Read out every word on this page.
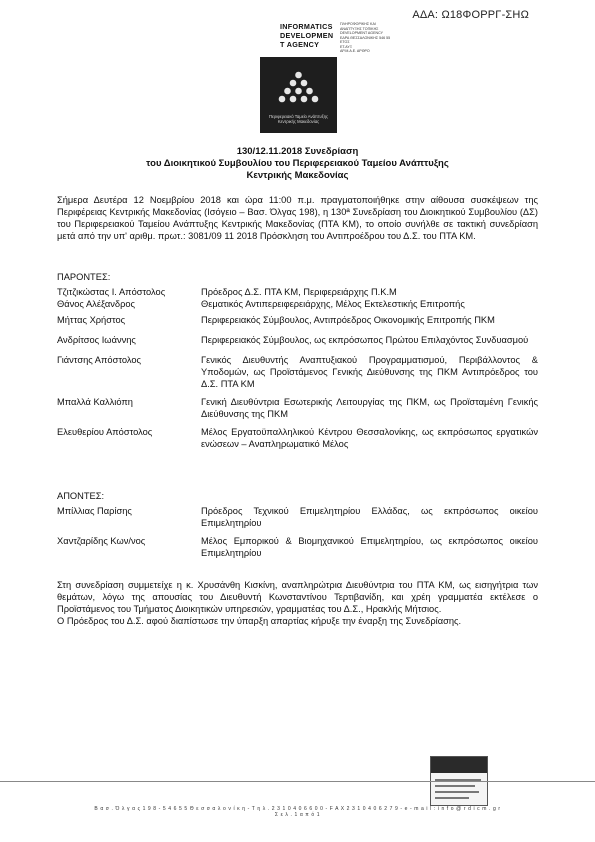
ΑΔΑ: Ω18ΦΟΡΡΓ-ΣΗΩ
INFORMATICS
DEVELOPMEN
T AGENCY
ΠΛΗΡΟΦΟΡΙΚΗΣ ΚΑΙ
ΑΝΑΠΤΥΞΗΣ ΤΟΠΙΚΗΣ
DEVELOPMENT AGENCY
ΕΔΡΑ ΘΕΣΣΑΛΟΝΙΚΗΣ 546 55
ΕΤΟΣ
ΕΤ.ΑΥΞ
ΑΡ.Μ.Α.Ε. ΑΡΘΡΟ
Περιφερειακό Ταμείο Ανάπτυξης
Κεντρικής Μακεδονίας
130/12.11.2018 Συνεδρίαση
του Διοικητικού Συμβουλίου του Περιφερειακού Ταμείου Ανάπτυξης
Κεντρικής Μακεδονίας
Σήμερα Δευτέρα 12 Νοεμβρίου 2018 και ώρα 11:00 π.μ. πραγματοποιήθηκε στην αίθουσα συσκέψεων της Περιφέρειας Κεντρικής Μακεδονίας (Ισόγειο – Βασ. Όλγας 198), η 130ª Συνεδρίαση του Διοικητικού Συμβουλίου (ΔΣ) του Περιφερειακού Ταμείου Ανάπτυξης Κεντρικής Μακεδονίας (ΠΤΑ ΚΜ), το οποίο συνήλθε σε τακτική συνεδρίαση μετά από την υπ' αριθμ. πρωτ.: 3081/09 11 2018 Πρόσκληση του Αντιπροέδρου του Δ.Σ. του ΠΤΑ ΚΜ.
ΠΑΡΟΝΤΕΣ:
Τζιτζικώστας Ι. Απόστολος	Πρόεδρος Δ.Σ. ΠΤΑ ΚΜ, Περιφερειάρχης Π.Κ.Μ
Θάνος Αλέξανδρος	Θεματικός Αντιπερειφερειάρχης, Μέλος Εκτελεστικής Επιτροπής
Μήττας Χρήστος	Περιφερειακός Σύμβουλος, Αντιπρόεδρος Οικονομικής Επιτροπής ΠΚΜ
Ανδρίτσος Ιωάννης	Περιφερειακός Σύμβουλος, ως εκπρόσωπος Πρώτου Επιλαχόντος Συνδυασμού
Γιάντσης Απόστολος	Γενικός Διευθυντής Αναπτυξιακού Προγραμματισμού, Περιβάλλοντος & Υποδομών, ως Προϊστάμενος Γενικής Διεύθυνσης της ΠΚΜ Αντιπρόεδρος του Δ.Σ. ΠΤΑ ΚΜ
Μπαλλά Καλλιόπη	Γενική Διευθύντρια Εσωτερικής Λειτουργίας της ΠΚΜ, ως Προϊσταμένη Γενικής Διεύθυνσης της ΠΚΜ
Ελευθερίου Απόστολος	Μέλος Εργατοϋπαλληλικού Κέντρου Θεσσαλονίκης, ως εκπρόσωπος εργατικών ενώσεων – Αναπληρωματικό Μέλος
ΑΠΟΝΤΕΣ:
Μπίλλιας Παρίσης	Πρόεδρος Τεχνικού Επιμελητηρίου Ελλάδας, ως εκπρόσωπος οικείου Επιμελητηρίου
Χαντζαρίδης Κων/νος	Μέλος Εμπορικού & Βιομηχανικού Επιμελητηρίου, ως εκπρόσωπος οικείου Επιμελητηρίου

Στη συνεδρίαση συμμετείχε η κ. Χρυσάνθη Κισκίνη, αναπληρώτρια Διευθύντρια του ΠΤΑ ΚΜ, ως εισηγήτρια των θεμάτων, λόγω της απουσίας του Διευθυντή Κωνσταντίνου Τερτιβανίδη, και χρέη γραμματέα εκτέλεσε ο Προϊστάμενος του Τμήματος Διοικητικών υπηρεσιών, γραμματέας του Δ.Σ., Ηρακλής Μήτσιος.

Ο Πρόεδρος του Δ.Σ. αφού διαπίστωσε την ύπαρξη απαρτίας κήρυξε την έναρξη της Συνεδρίασης.

Β α σ . Ό λ γ α ς 1 9 8 - 5 4 6 5 5 Θ ε σ σ α λ ο ν ί κ η - Τ η λ . 2 3 1 0 4 0 6 6 0 0 - F A X 2 3 1 0 4 0 6 2 7 9 - e - m a i l : i n f o @ r d i c m . g r
Σ ε λ . 1 α π ό 1
